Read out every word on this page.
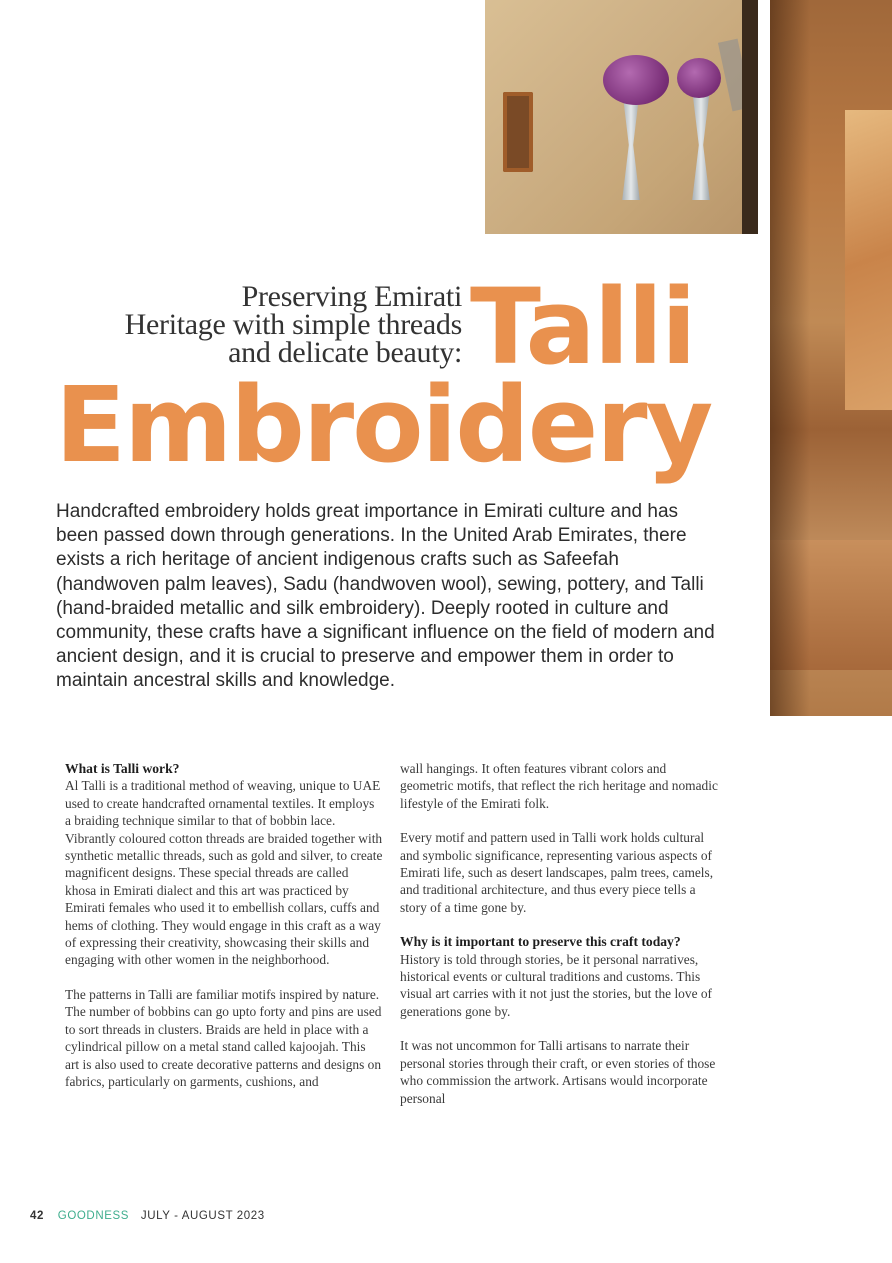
Preserving Emirati
Heritage with simple threads
and delicate beauty: Talli
Embroidery

Handcrafted embroidery holds great importance in Emirati culture and has been passed down through generations. In the United Arab Emirates, there exists a rich heritage of ancient indigenous crafts such as Safeefah (handwoven palm leaves), Sadu (handwoven wool), sewing, pottery, and Talli (hand-braided metallic and silk embroidery). Deeply rooted in culture and community, these crafts have a significant influence on the field of modern and ancient design, and it is crucial to preserve and empower them in order to maintain ancestral skills and knowledge.

What is Talli work?

Al Talli is a traditional method of weaving, unique to UAE used to create handcrafted ornamental textiles. It employs a braiding technique similar to that of bobbin lace. Vibrantly coloured cotton threads are braided together with synthetic metallic threads, such as gold and silver, to create magnificent designs. These special threads are called khosa in Emirati dialect and this art was practiced by Emirati females who used it to embellish collars, cuffs and hems of clothing. They would engage in this craft as a way of expressing their creativity, showcasing their skills and engaging with other women in the neighborhood.

The patterns in Talli are familiar motifs inspired by nature. The number of bobbins can go upto forty and pins are used to sort threads in clusters. Braids are held in place with a cylindrical pillow on a metal stand called kajoojah. This art is also used to create decorative patterns and designs on fabrics, particularly on garments, cushions, and

wall hangings. It often features vibrant colors and geometric motifs, that reflect the rich heritage and nomadic lifestyle of the Emirati folk.

Every motif and pattern used in Talli work holds cultural and symbolic significance, representing various aspects of Emirati life, such as desert landscapes, palm trees, camels, and traditional architecture, and thus every piece tells a story of a time gone by.

Why is it important to preserve this craft today?

History is told through stories, be it personal narratives, historical events or cultural traditions and customs. This visual art carries with it not just the stories, but the love of generations gone by.

It was not uncommon for Talli artisans to narrate their personal stories through their craft, or even stories of those who commission the artwork. Artisans would incorporate personal

42 GOODNESS JULY - AUGUST 2023
